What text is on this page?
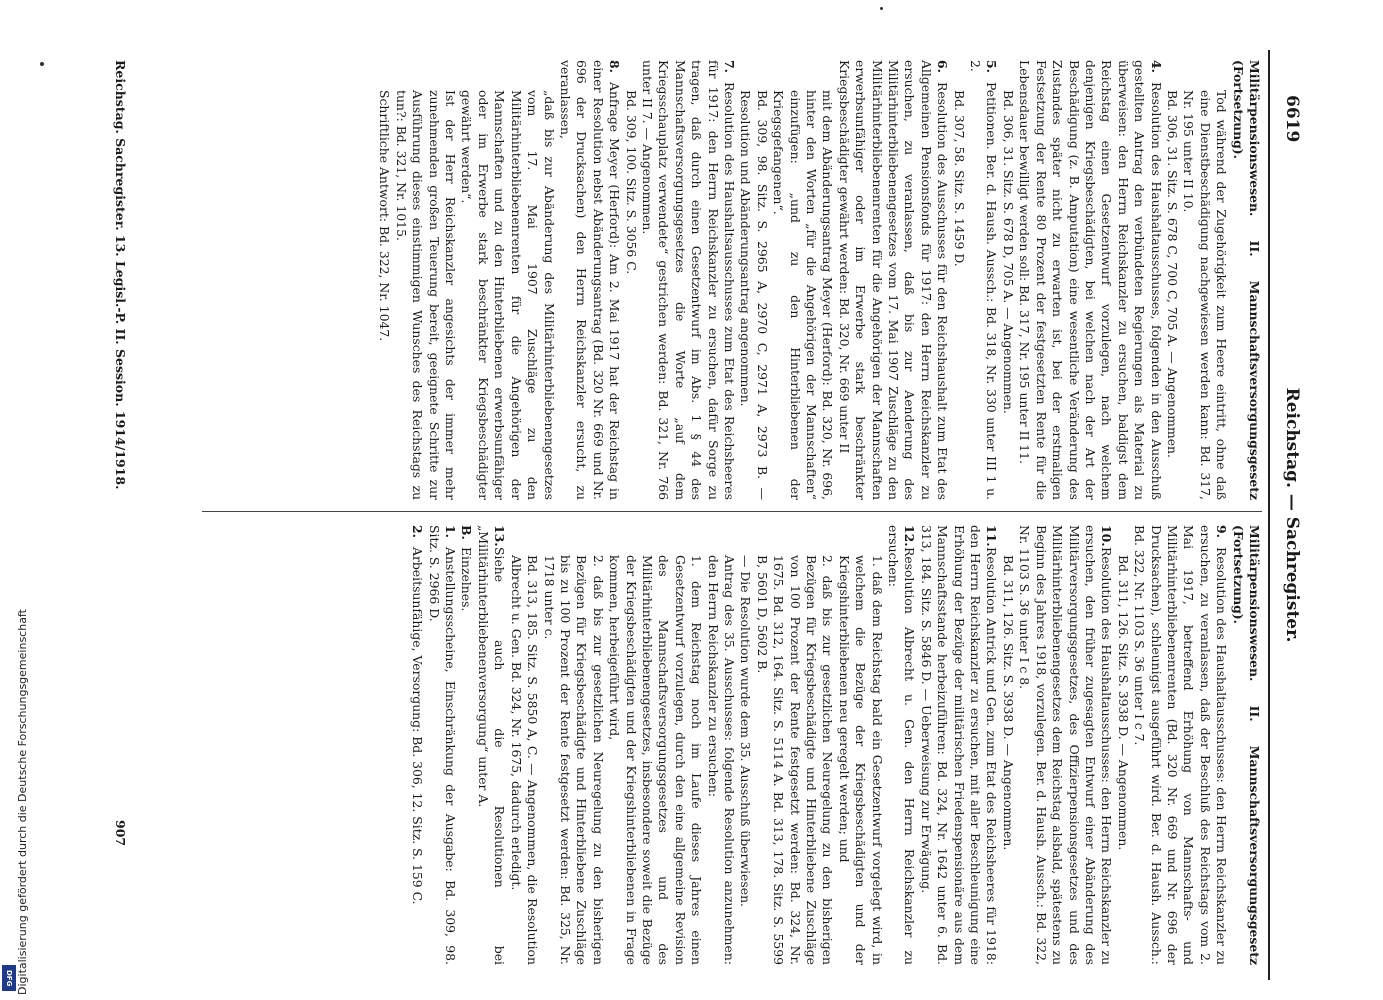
DFG Digitalisierung gefördert durch die Deutsche Forschungsgemeinschaft
6619
Reichstag. — Sachregister.

Militärpensionswesen. II. Mannschaftsversorgungsgesetz (Fortsetzung).

Tod während der Zugehörigkeit zum Heere eintritt, ohne daß eine Dienstbeschädigung nachgewiesen werden kann: Bd. 317, Nr. 195 unter II 10.

Bd. 306, 31. Sitz. S. 678 C, 700 C, 705 A. — Angenommen.

4.Resolution des Haushaltausschusses, folgenden in den Ausschuß gestellten Antrag den verbündeten Regierungen als Material zu überweisen: den Herrn Reichskanzler zu ersuchen, baldigst dem Reichstag einen Gesetzentwurf vorzulegen, nach welchem denjenigen Kriegsbeschädigten, bei welchen nach der Art der Beschädigung (z. B. Amputation) eine wesentliche Veränderung des Zustandes später nicht zu erwarten ist, bei der erstmaligen Festsetzung der Rente 80 Prozent der festgesetzten Rente für die Lebensdauer bewilligt werden soll: Bd. 317, Nr. 195 unter II 11.

Bd. 306, 31. Sitz. S. 678 D, 705 A. — Angenommen.

5.Petitionen. Ber. d. Haush. Aussch.: Bd. 318, Nr. 330 unter III 1 u. 2.

Bd. 307, 58. Sitz. S. 1459 D.

6.Resolution des Ausschusses für den Reichshaushalt zum Etat des Allgemeinen Pensionsfonds für 1917: den Herrn Reichskanzler zu ersuchen, zu veranlassen, daß bis zur Aenderung des Militärhinterbliebenengesetzes vom 17. Mai 1907 Zuschläge zu den Militärhinterbliebenenrenten für die Angehörigen der Mannschaften erwerbsunfähiger oder im Erwerbe stark beschränkter Kriegsbeschädigter gewährt werden: Bd. 320, Nr. 669 unter II

mit dem Abänderungsantrag Meyer (Herford): Bd. 320, Nr. 696, hinter den Worten „für die Angehörigen der Mannschaften“ einzufügen: „und zu den Hinterbliebenen der Kriegsgefangenen“.

Bd. 309, 98. Sitz. S. 2965 A, 2970 C, 2971 A, 2973 B. — Resolution und Abänderungsantrag angenommen.

7.Resolution des Haushaltsausschusses zum Etat des Reichsheeres für 1917: den Herrn Reichskanzler zu ersuchen, dafür Sorge zu tragen, daß durch einen Gesetzentwurf im Abs. 1 § 44 des Mannschaftsversorgungsgesetzes die Worte „auf dem Kriegsschauplatz verwendete“ gestrichen werden: Bd. 321, Nr. 766 unter II 7. — Angenommen.

Bd. 309, 100. Sitz. S. 3056 C.

8.Anfrage Meyer (Herford): Am 2. Mai 1917 hat der Reichstag in einer Resolution nebst Abänderungsantrag (Bd. 320 Nr. 669 und Nr. 696 der Drucksachen) den Herrn Reichskanzler ersucht, zu veranlassen,

„daß bis zur Abänderung des Militärhinterbliebenengesetzes vom 17. Mai 1907 Zuschläge zu den Militärhinterbliebenenrenten für die Angehörigen der Mannschaften und zu den Hinterbliebenen erwerbsunfähiger oder im Erwerbe stark beschränkter Kriegsbeschädigter gewährt werden“.

Ist der Herr Reichskanzler angesichts der immer mehr zunehmenden großen Teuerung bereit, geeignete Schritte zur Ausführung dieses einstimmigen Wunsches des Reichstags zu tun?: Bd. 321, Nr. 1015.

Schriftliche Antwort: Bd. 322, Nr. 1047.

Militärpensionswesen. II. Mannschaftsversorgungsgesetz (Fortsetzung).

9.Resolution des Haushaltausschusses: den Herrn Reichskanzler zu ersuchen, zu veranlassen, daß der Beschluß des Reichstags vom 2. Mai 1917, betreffend Erhöhung von Mannschafts- und Militärhinterbliebenenrenten (Bd. 320 Nr. 669 und Nr. 696 der Drucksachen), schleunigst ausgeführt wird. Ber. d. Haush. Aussch.: Bd. 322, Nr. 1103 S. 36 unter I c 7.

Bd. 311, 126. Sitz. S. 3938 D. — Angenommen.

10.Resolution des Haushaltausschusses: den Herrn Reichskanzler zu ersuchen, den früher zugesagten Entwurf einer Abänderung des Militärversorgungsgesetzes, des Offizierpensionsgesetzes und des Militärhinterbliebenengesetzes dem Reichstag alsbald, spätestens zu Beginn des Jahres 1918, vorzulegen. Ber. d. Haush. Aussch.: Bd. 322, Nr. 1103 S. 36 unter I c 8.

Bd. 311, 126. Sitz. S. 3938 D. — Angenommen.

11.Resolution Antrick und Gen. zum Etat des Reichsheeres für 1918: den Herrn Reichskanzler zu ersuchen, mit aller Beschleunigung eine Erhöhung der Bezüge der militärischen Friedenspensionäre aus dem Mannschaftsstande herbeizuführen: Bd. 324, Nr. 1642 unter 6. Bd. 313, 184. Sitz. S. 5846 D. — Ueberweisung zur Erwägung.

12.Resolution Albrecht u. Gen. den Herrn Reichskanzler zu ersuchen:

1. daß dem Reichstag bald ein Gesetzentwurf vorgelegt wird, in welchem die Bezüge der Kriegsbeschädigten und der Kriegshinterbliebenen neu geregelt werden; und

2. daß bis zur gesetzlichen Neuregelung zu den bisherigen Bezügen für Kriegsbeschädigte und Hinterbliebene Zuschläge von 100 Prozent der Rente festgesetzt werden: Bd. 324, Nr. 1675. Bd. 312, 164. Sitz. S. 5114 A. Bd. 313, 178. Sitz. S. 5599 B, 5601 D, 5602 B.

— Die Resolution wurde dem 35. Ausschuß überwiesen.

Antrag des 35. Ausschusses: folgende Resolution anzunehmen: den Herrn Reichskanzler zu ersuchen:

1. dem Reichstag noch im Laufe dieses Jahres einen Gesetzentwurf vorzulegen, durch den eine allgemeine Revision des Mannschaftsversorgungsgesetzes und des Militärhinterbliebenengesetzes, insbesondere soweit die Bezüge der Kriegsbeschädigten und der Kriegshinterbliebenen in Frage kommen, herbeigeführt wird,

2. daß bis zur gesetzlichen Neuregelung zu den bisherigen Bezügen für Kriegsbeschädigte und Hinterbliebene Zuschläge bis zu 100 Prozent der Rente festgesetzt werden: Bd. 325, Nr. 1718 unter c.

Bd. 313, 185. Sitz. S. 5850 A, C. — Angenommen, die Resolution Albrecht u. Gen. Bd. 324, Nr. 1675, dadurch erledigt.

13.Siehe auch die Resolutionen bei „Militärhinterbliebenenversorgung“ unter A.

B.Einzelnes.

1.Anstellungsscheine, Einschränkung der Ausgabe: Bd. 309, 98. Sitz. S. 2966 D.

2.Arbeitsunfähige, Versorgung: Bd. 306, 12. Sitz. S. 159 C.

Reichstag. Sachregister. 13. Legisl.-P. II. Session. 1914/1918.
907
